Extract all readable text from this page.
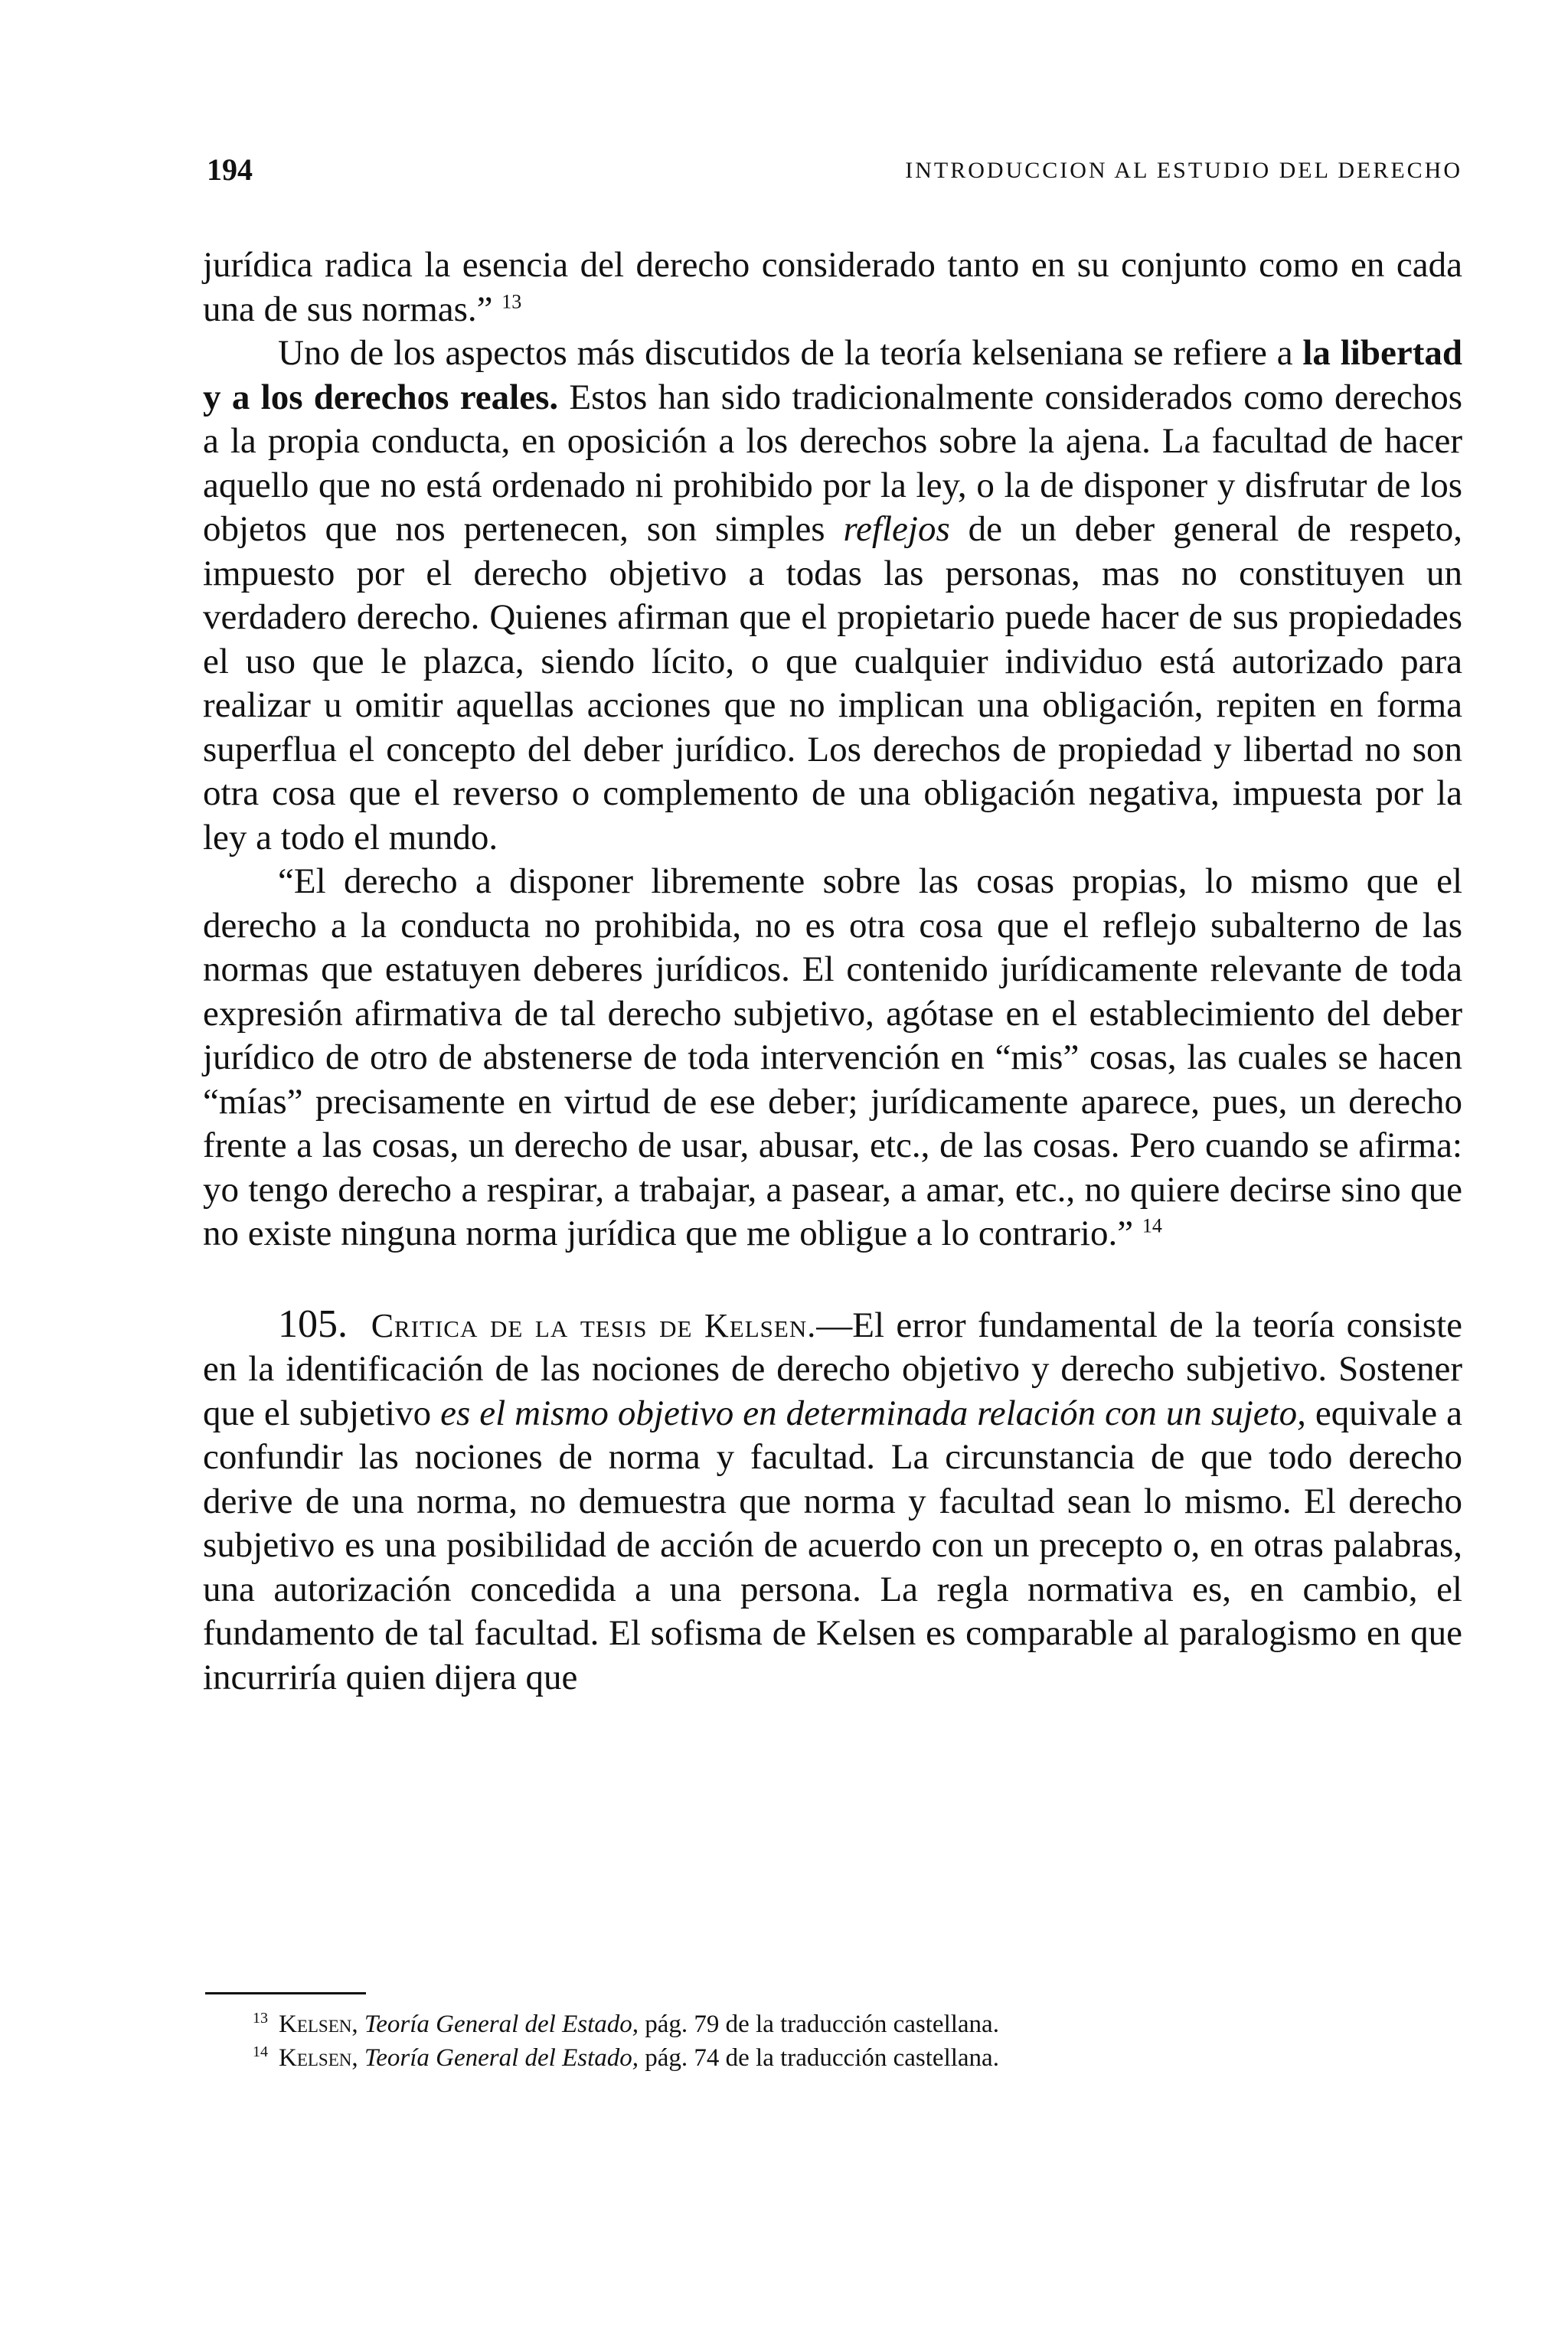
194	INTRODUCCION AL ESTUDIO DEL DERECHO

jurídica radica la esencia del derecho considerado tanto en su conjunto como en cada una de sus normas.” $^{13}$

Uno de los aspectos más discutidos de la teoría kelseniana se refiere a la libertad y a los derechos reales. Estos han sido tradicionalmente considerados como derechos a la propia conducta, en oposición a los derechos sobre la ajena. La facultad de hacer aquello que no está ordenado ni prohibido por la ley, o la de disponer y disfrutar de los objetos que nos pertenecen, son simples reflejos de un deber general de respeto, impuesto por el derecho objetivo a todas las personas, mas no constituyen un verdadero derecho. Quienes afirman que el propietario puede hacer de sus propiedades el uso que le plazca, siendo lícito, o que cualquier individuo está autorizado para realizar u omitir aquellas acciones que no implican una obligación, repiten en forma superflua el concepto del deber jurídico. Los derechos de propiedad y libertad no son otra cosa que el reverso o complemento de una obligación negativa, impuesta por la ley a todo el mundo.

“El derecho a disponer libremente sobre las cosas propias, lo mismo que el derecho a la conducta no prohibida, no es otra cosa que el reflejo subalterno de las normas que estatuyen deberes jurídicos. El contenido jurídicamente relevante de toda expresión afirmativa de tal derecho subjetivo, agótase en el establecimiento del deber jurídico de otro de abstenerse de toda intervención en “mis” cosas, las cuales se hacen “mías” precisamente en virtud de ese deber; jurídicamente aparece, pues, un derecho frente a las cosas, un derecho de usar, abusar, etc., de las cosas. Pero cuando se afirma: yo tengo derecho a respirar, a trabajar, a pasear, a amar, etc., no quiere decirse sino que no existe ninguna norma jurídica que me obligue a lo contrario.” $^{14}$

105. Critica de la tesis de Kelsen.—El error fundamental de la teoría consiste en la identificación de las nociones de derecho objetivo y derecho subjetivo. Sostener que el subjetivo es el mismo objetivo en determinada relación con un sujeto, equivale a confundir las nociones de norma y facultad. La circunstancia de que todo derecho derive de una norma, no demuestra que norma y facultad sean lo mismo. El derecho subjetivo es una posibilidad de acción de acuerdo con un precepto o, en otras palabras, una autorización concedida a una persona. La regla normativa es, en cambio, el fundamento de tal facultad. El sofisma de Kelsen es comparable al paralogismo en que incurriría quien dijera que

$^{13}$ Kelsen, Teoría General del Estado, pág. 79 de la traducción castellana.

$^{14}$ Kelsen, Teoría General del Estado, pág. 74 de la traducción castellana.
